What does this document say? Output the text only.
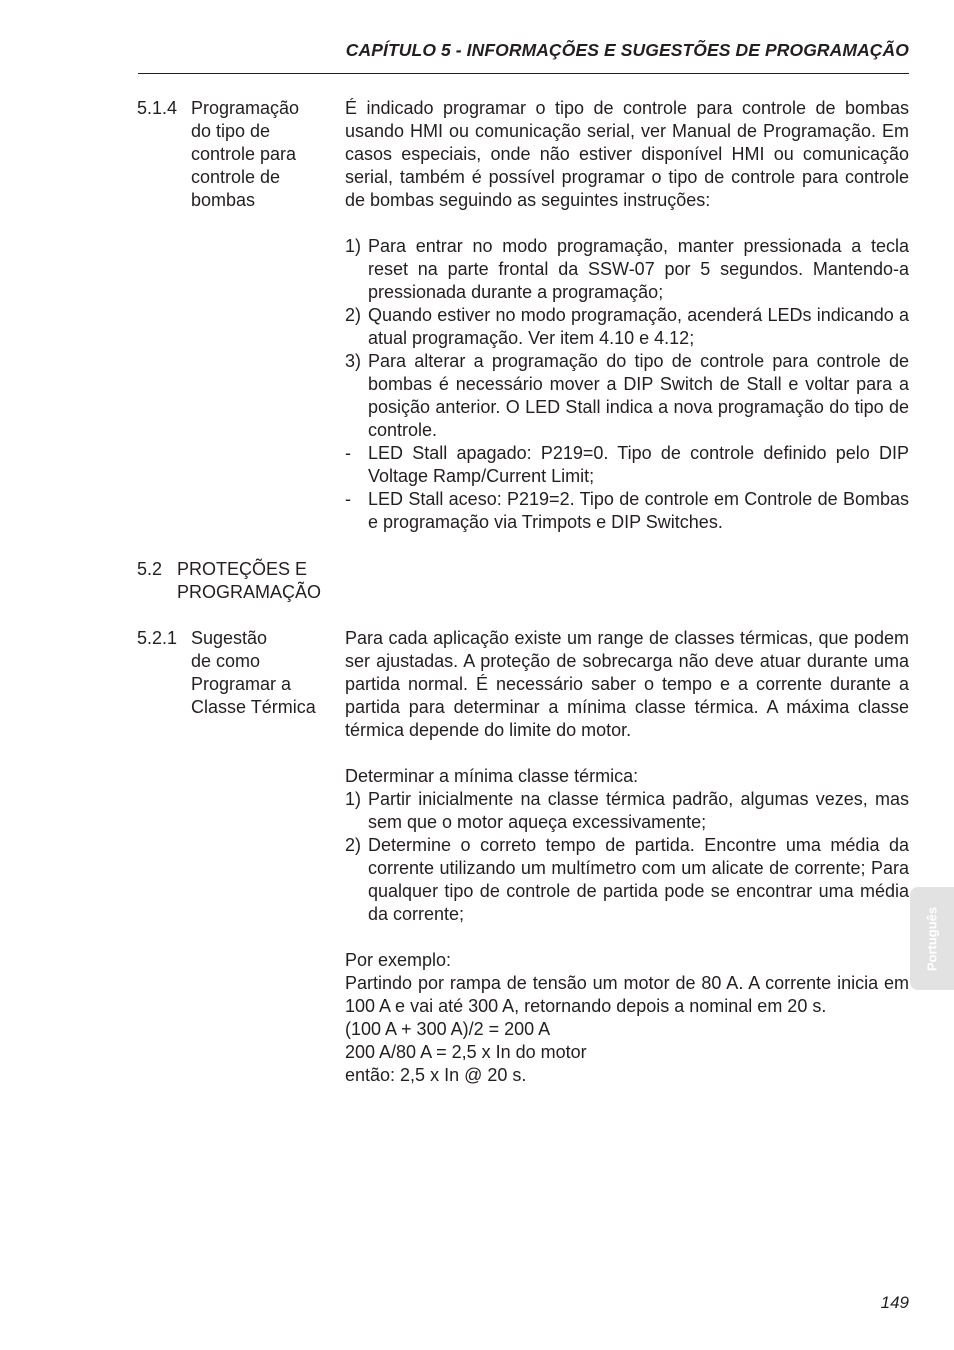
CAPÍTULO 5 - INFORMAÇÕES E SUGESTÕES DE PROGRAMAÇÃO
5.1.4 Programação
do tipo de
controle para
controle de
bombas

É indicado programar o tipo de controle para controle de bombas usando HMI ou comunicação serial, ver Manual de Programação. Em casos especiais, onde não estiver disponível HMI ou comunicação serial, também é possível programar o tipo de controle para controle de bombas seguindo as seguintes instruções:

1) Para entrar no modo programação, manter pressionada a tecla reset na parte frontal da SSW-07 por 5 segundos. Mantendo-a pressionada durante a programação;
2) Quando estiver no modo programação, acenderá LEDs indicando a atual programação. Ver item 4.10 e 4.12;
3) Para alterar a programação do tipo de controle para controle de bombas é necessário mover a DIP Switch de Stall e voltar para a posição anterior. O LED Stall indica a nova programação do tipo de controle.
- LED Stall apagado: P219=0. Tipo de controle definido pelo DIP Voltage Ramp/Current Limit;
- LED Stall aceso: P219=2. Tipo de controle em Controle de Bombas e programação via Trimpots e DIP Switches.
5.2 PROTEÇÕES E
PROGRAMAÇÃO
5.2.1 Sugestão
de como
Programar a
Classe Térmica

Para cada aplicação existe um range de classes térmicas, que podem ser ajustadas. A proteção de sobrecarga não deve atuar durante uma partida normal. É necessário saber o tempo e a corrente durante a partida para determinar a mínima classe térmica. A máxima classe térmica depende do limite do motor.

Determinar a mínima classe térmica:

1) Partir inicialmente na classe térmica padrão, algumas vezes, mas sem que o motor aqueça excessivamente;
2) Determine o correto tempo de partida. Encontre uma média da corrente utilizando um multímetro com um alicate de corrente; Para qualquer tipo de controle de partida pode se encontrar uma média da corrente;

Por exemplo:

Partindo por rampa de tensão um motor de 80 A. A corrente inicia em 100 A e vai até 300 A, retornando depois a nominal em 20 s.

(100 A + 300 A)/2 = 200 A

200 A/80 A = 2,5 x In do motor

então: 2,5 x In @ 20 s.

Português
149
